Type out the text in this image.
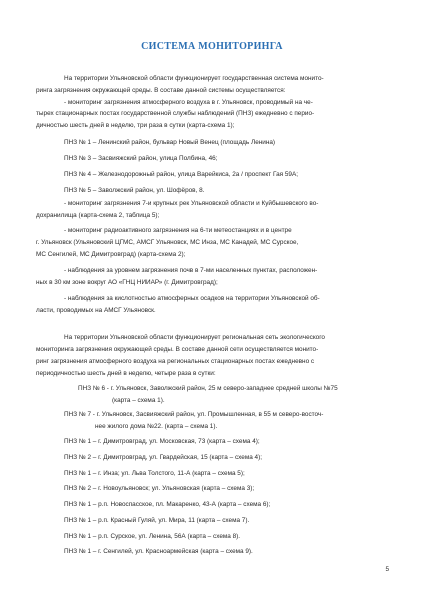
СИСТЕМА МОНИТОРИНГА
На территории Ульяновской области функционирует государственная система монито-
ринга загрязнения окружающей среды. В составе данной системы осуществляется:
- мониторинг загрязнения атмосферного воздуха в г. Ульяновск, проводимый на че-
тырех стационарных постах государственной службы наблюдений (ПНЗ) ежедневно с перио-
дичностью шесть дней в неделю, три раза в сутки (карта-схема 1);
ПНЗ № 1 – Ленинский район, бульвар Новый Венец (площадь Ленина)
ПНЗ № 3 – Засвияжский район, улица Полбина, 46;
ПНЗ № 4 – Железнодорожный район, улица Варейкиса, 2а / проспект Гая 59А;
ПНЗ № 5 – Заволжский район, ул. Шофёров, 8.
- мониторинг загрязнения 7-и крупных рек Ульяновской области и Куйбышевского во-
дохранилища (карта-схема 2, таблица 5);
- мониторинг радиоактивного загрязнения на 6-ти метеостанциях и в центре
г. Ульяновск (Ульяновский ЦГМС, АМСГ Ульяновск, МС Инза, МС Канадей, МС Сурское,
МС Сенгилей, МС Димитровград) (карта-схема 2);
- наблюдения за уровнем загрязнения почв в 7-ми населенных пунктах, расположен-
ных в 30 км зоне вокруг АО «ГНЦ НИИАР» (г. Димитровград);
- наблюдения за кислотностью атмосферных осадков на территории Ульяновской об-
ласти, проводимых на АМСГ Ульяновск.
На территории Ульяновской области функционирует региональная сеть экологического
мониторинга загрязнения окружающей среды. В составе данной сети осуществляется монито-
ринг загрязнения атмосферного воздуха на региональных стационарных постах ежедневно с
периодичностью шесть дней в неделю, четыре раза в сутки:
ПНЗ № 6 - г. Ульяновск, Заволжский район, 25 м северо-западнее средней школы №75
(карта – схема 1).
ПНЗ № 7 - г. Ульяновск, Засвияжский район, ул. Промышленная, в 55 м северо-восточ-
нее жилого дома №22. (карта – схема 1).
ПНЗ № 1 – г. Димитровград, ул. Московская, 73 (карта – схема 4);
ПНЗ № 2 – г. Димитровград, ул. Гвардейская, 15 (карта – схема 4);
ПНЗ № 1 – г. Инза; ул. Льва Толстого, 11-А (карта – схема 5);
ПНЗ № 2 – г. Новоульяновск; ул. Ульяновская (карта – схема 3);
ПНЗ № 1 – р.п. Новоспасское, пл. Макаренко, 43-А (карта – схема 6);
ПНЗ № 1 – р.п. Красный Гуляй, ул. Мира, 11 (карта – схема 7).
ПНЗ № 1 – р.п. Сурское, ул. Ленина, 56А (карта – схема 8).
ПНЗ № 1 – г. Сенгилей, ул. Красноармейская (карта – схема 9).
5
